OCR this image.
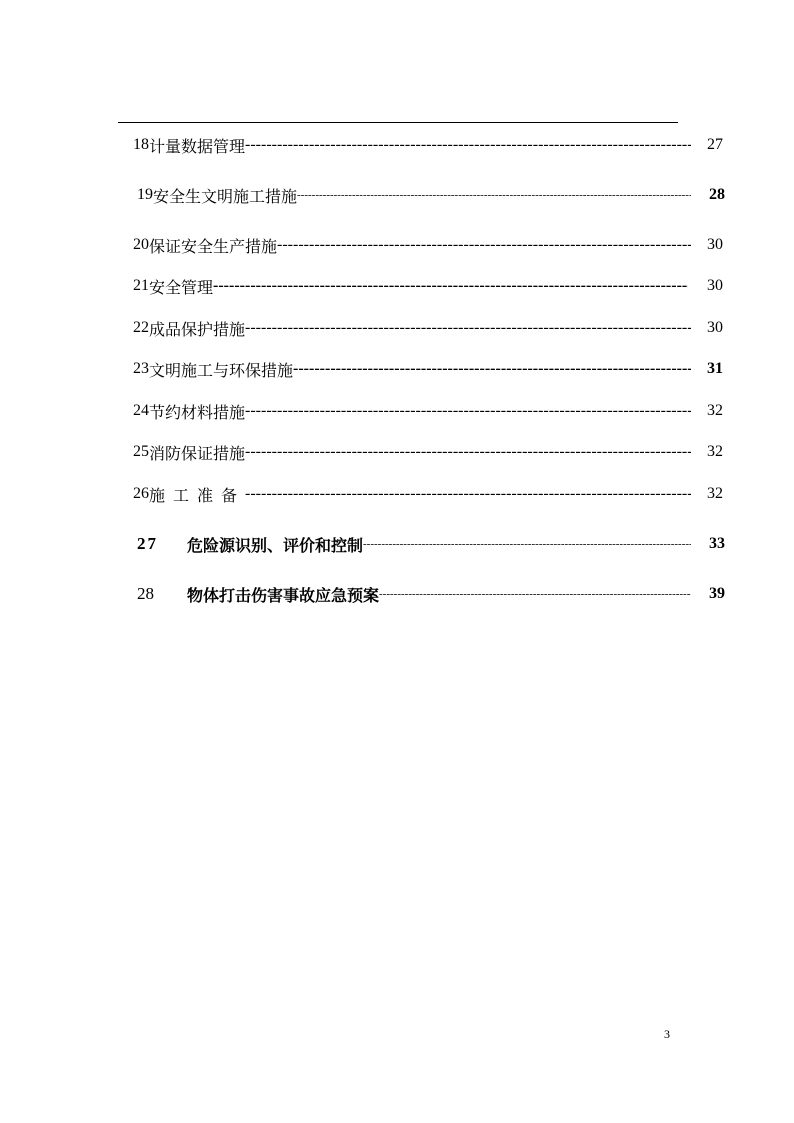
18 计量数据管理 -----	27
19 安全生文明施工措施 -----	28
20 保证安全生产措施 -----	30
21 安全管理 -----	30
22 成品保护措施 -----	30
23 文明施工与环保措施 -----	31
24 节约材料措施 -----	32
25 消防保证措施 -----	32
26 施工准备 -----	32
27	危险源识别、评价和控制 -----	33
28	物体打击伤害事故应急预案 -----	39
3
